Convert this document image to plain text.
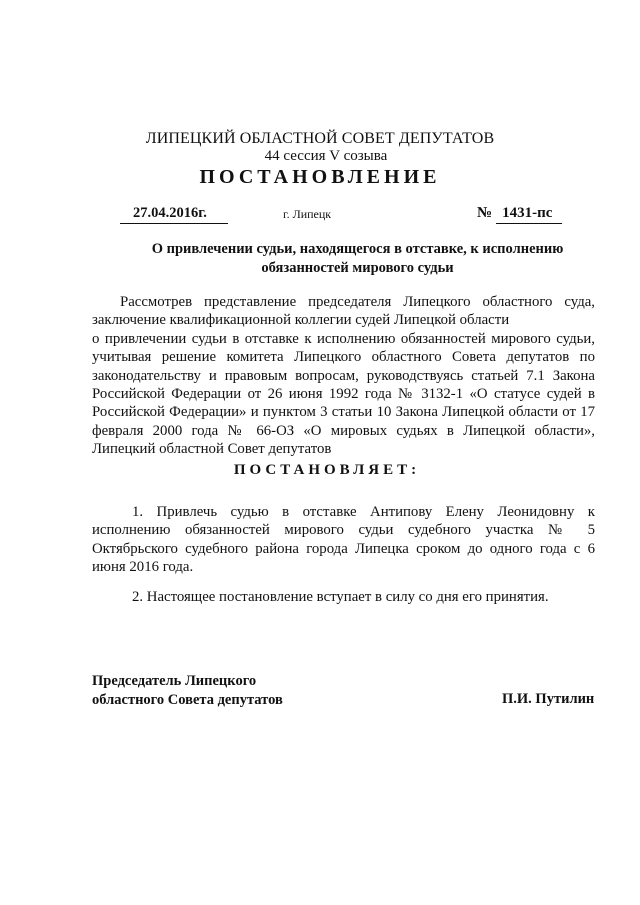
ЛИПЕЦКИЙ ОБЛАСТНОЙ СОВЕТ ДЕПУТАТОВ
44 сессия V созыва
ПОСТАНОВЛЕНИЕ
27.04.2016г.	г. Липецк	№ 1431-пс
О привлечении судьи, находящегося в отставке, к исполнению
обязанностей мирового судьи

Рассмотрев представление председателя Липецкого областного суда, заключение квалификационной коллегии судей Липецкой области

о привлечении судьи в отставке к исполнению обязанностей мирового судьи, учитывая решение комитета Липецкого областного Совета депутатов по законодательству и правовым вопросам, руководствуясь статьей 7.1 Закона Российской Федерации от 26 июня 1992 года № 3132-1 «О статусе судей в Российской Федерации» и пунктом 3 статьи 10 Закона Липецкой области от 17 февраля 2000 года № 66-ОЗ «О мировых судьях в Липецкой области», Липецкий областной Совет депутатов

ПОСТАНОВЛЯЕТ:
1. Привлечь судью в отставке Антипову Елену Леонидовну к исполнению обязанностей мирового судьи судебного участка № 5 Октябрьского судебного района города Липецка сроком до одного года с 6 июня 2016 года.
2. Настоящее постановление вступает в силу со дня его принятия.
Председатель Липецкого
областного Совета депутатов	П.И. Путилин
